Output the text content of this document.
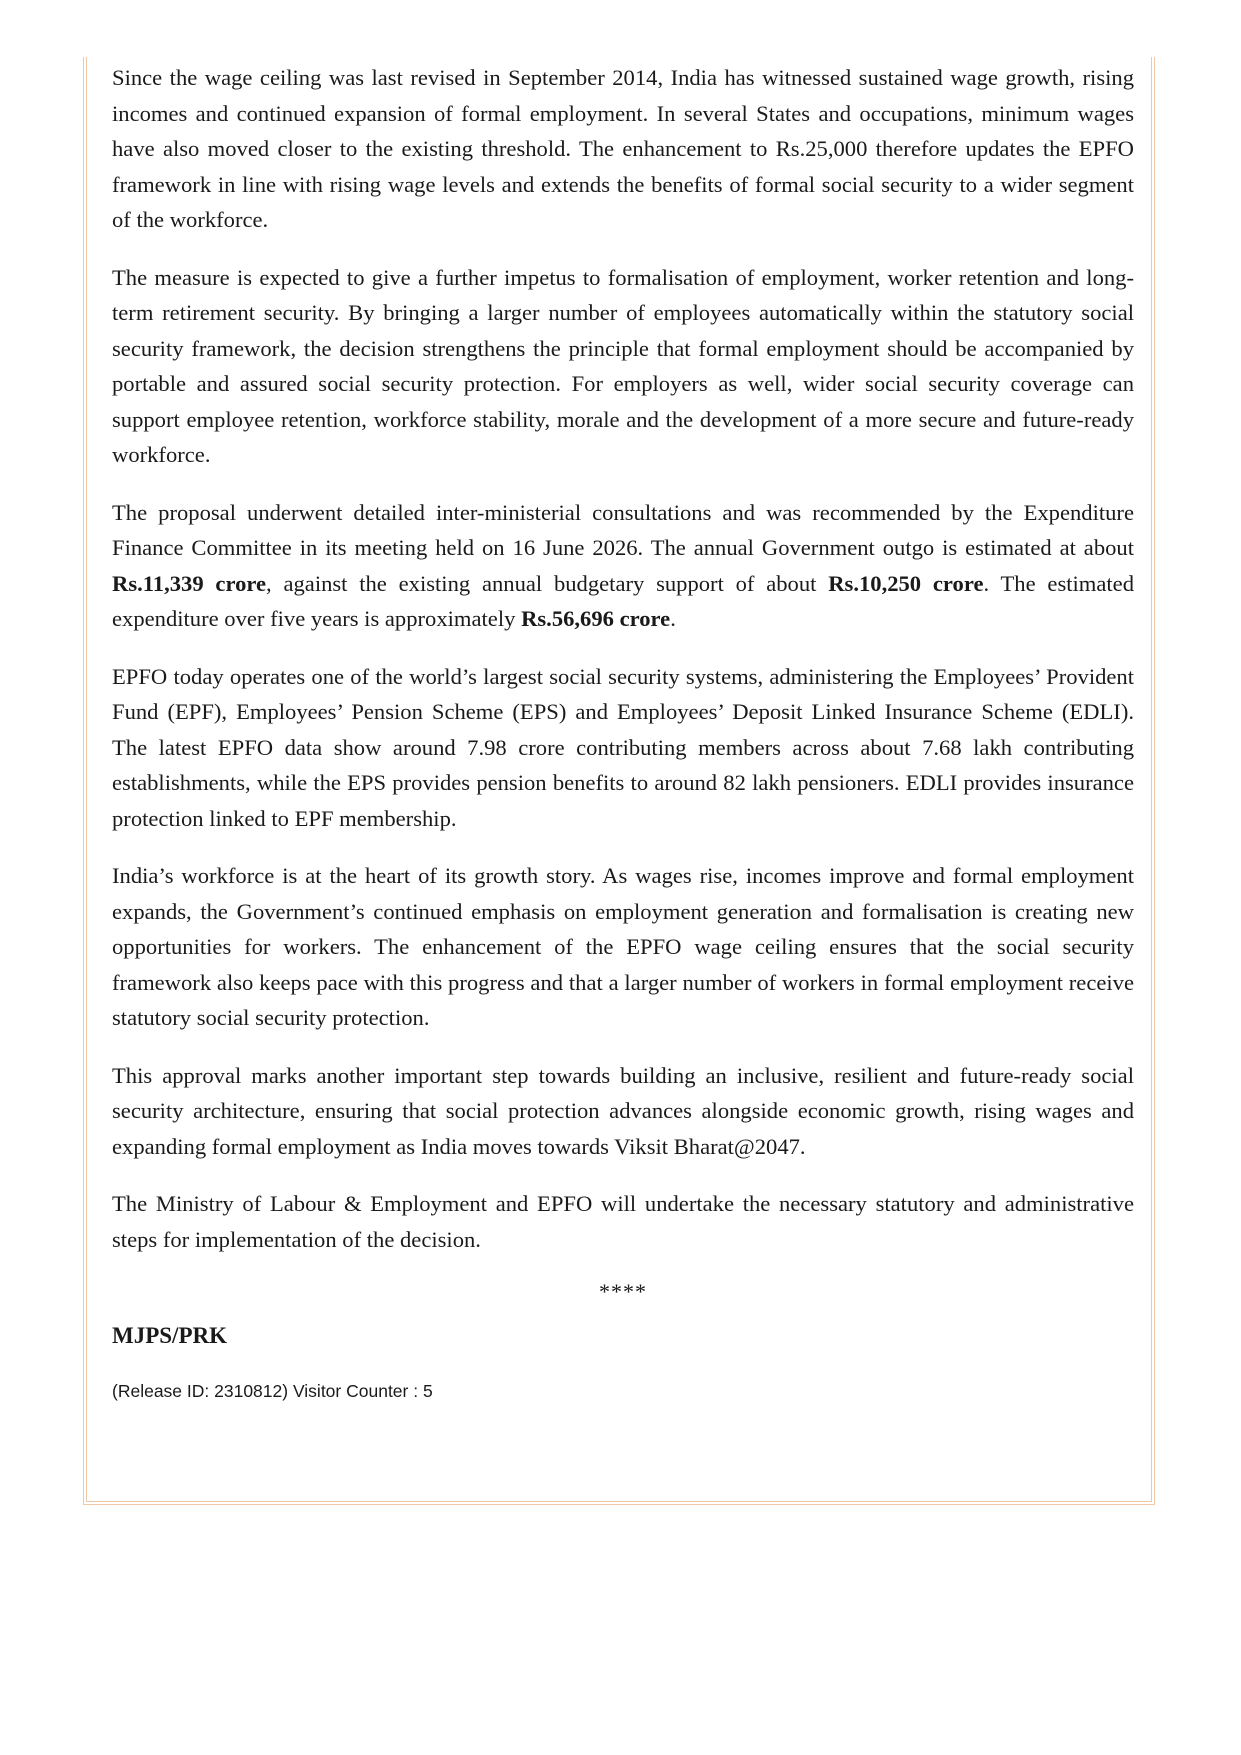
Since the wage ceiling was last revised in September 2014, India has witnessed sustained wage growth, rising incomes and continued expansion of formal employment. In several States and occupations, minimum wages have also moved closer to the existing threshold. The enhancement to Rs.25,000 therefore updates the EPFO framework in line with rising wage levels and extends the benefits of formal social security to a wider segment of the workforce.

The measure is expected to give a further impetus to formalisation of employment, worker retention and long-term retirement security. By bringing a larger number of employees automatically within the statutory social security framework, the decision strengthens the principle that formal employment should be accompanied by portable and assured social security protection. For employers as well, wider social security coverage can support employee retention, workforce stability, morale and the development of a more secure and future-ready workforce.

The proposal underwent detailed inter-ministerial consultations and was recommended by the Expenditure Finance Committee in its meeting held on 16 June 2026. The annual Government outgo is estimated at about Rs.11,339 crore, against the existing annual budgetary support of about Rs.10,250 crore. The estimated expenditure over five years is approximately Rs.56,696 crore.

EPFO today operates one of the world’s largest social security systems, administering the Employees’ Provident Fund (EPF), Employees’ Pension Scheme (EPS) and Employees’ Deposit Linked Insurance Scheme (EDLI). The latest EPFO data show around 7.98 crore contributing members across about 7.68 lakh contributing establishments, while the EPS provides pension benefits to around 82 lakh pensioners. EDLI provides insurance protection linked to EPF membership.

India’s workforce is at the heart of its growth story. As wages rise, incomes improve and formal employment expands, the Government’s continued emphasis on employment generation and formalisation is creating new opportunities for workers. The enhancement of the EPFO wage ceiling ensures that the social security framework also keeps pace with this progress and that a larger number of workers in formal employment receive statutory social security protection.

This approval marks another important step towards building an inclusive, resilient and future-ready social security architecture, ensuring that social protection advances alongside economic growth, rising wages and expanding formal employment as India moves towards Viksit Bharat@2047.

The Ministry of Labour & Employment and EPFO will undertake the necessary statutory and administrative steps for implementation of the decision.

****
MJPS/PRK
(Release ID: 2310812) Visitor Counter : 5
